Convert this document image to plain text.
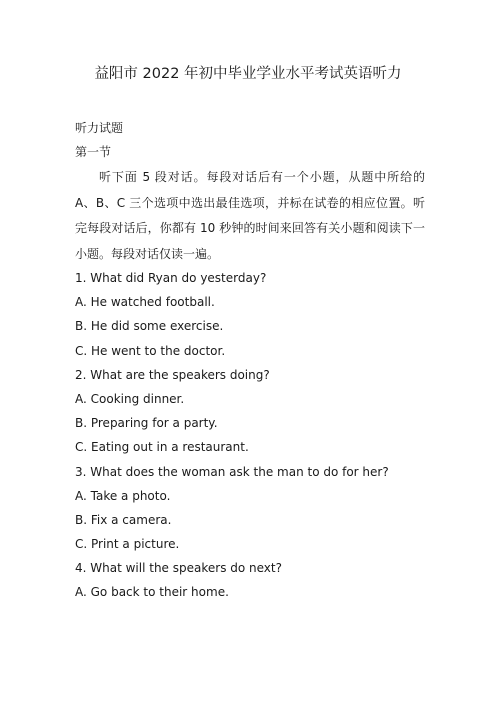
益阳市 2022 年初中毕业学业水平考试英语听力
听力试题
第一节
听下面 5 段对话。每段对话后有一个小题，从题中所给的 A、B、C 三个选项中选出最佳选项，并标在试卷的相应位置。听完每段对话后，你都有 10 秒钟的时间来回答有关小题和阅读下一小题。每段对话仅读一遍。
1. What did Ryan do yesterday?
A. He watched football.
B. He did some exercise.
C. He went to the doctor.
2. What are the speakers doing?
A. Cooking dinner.
B. Preparing for a party.
C. Eating out in a restaurant.
3. What does the woman ask the man to do for her?
A. Take a photo.
B. Fix a camera.
C. Print a picture.
4. What will the speakers do next?
A. Go back to their home.
